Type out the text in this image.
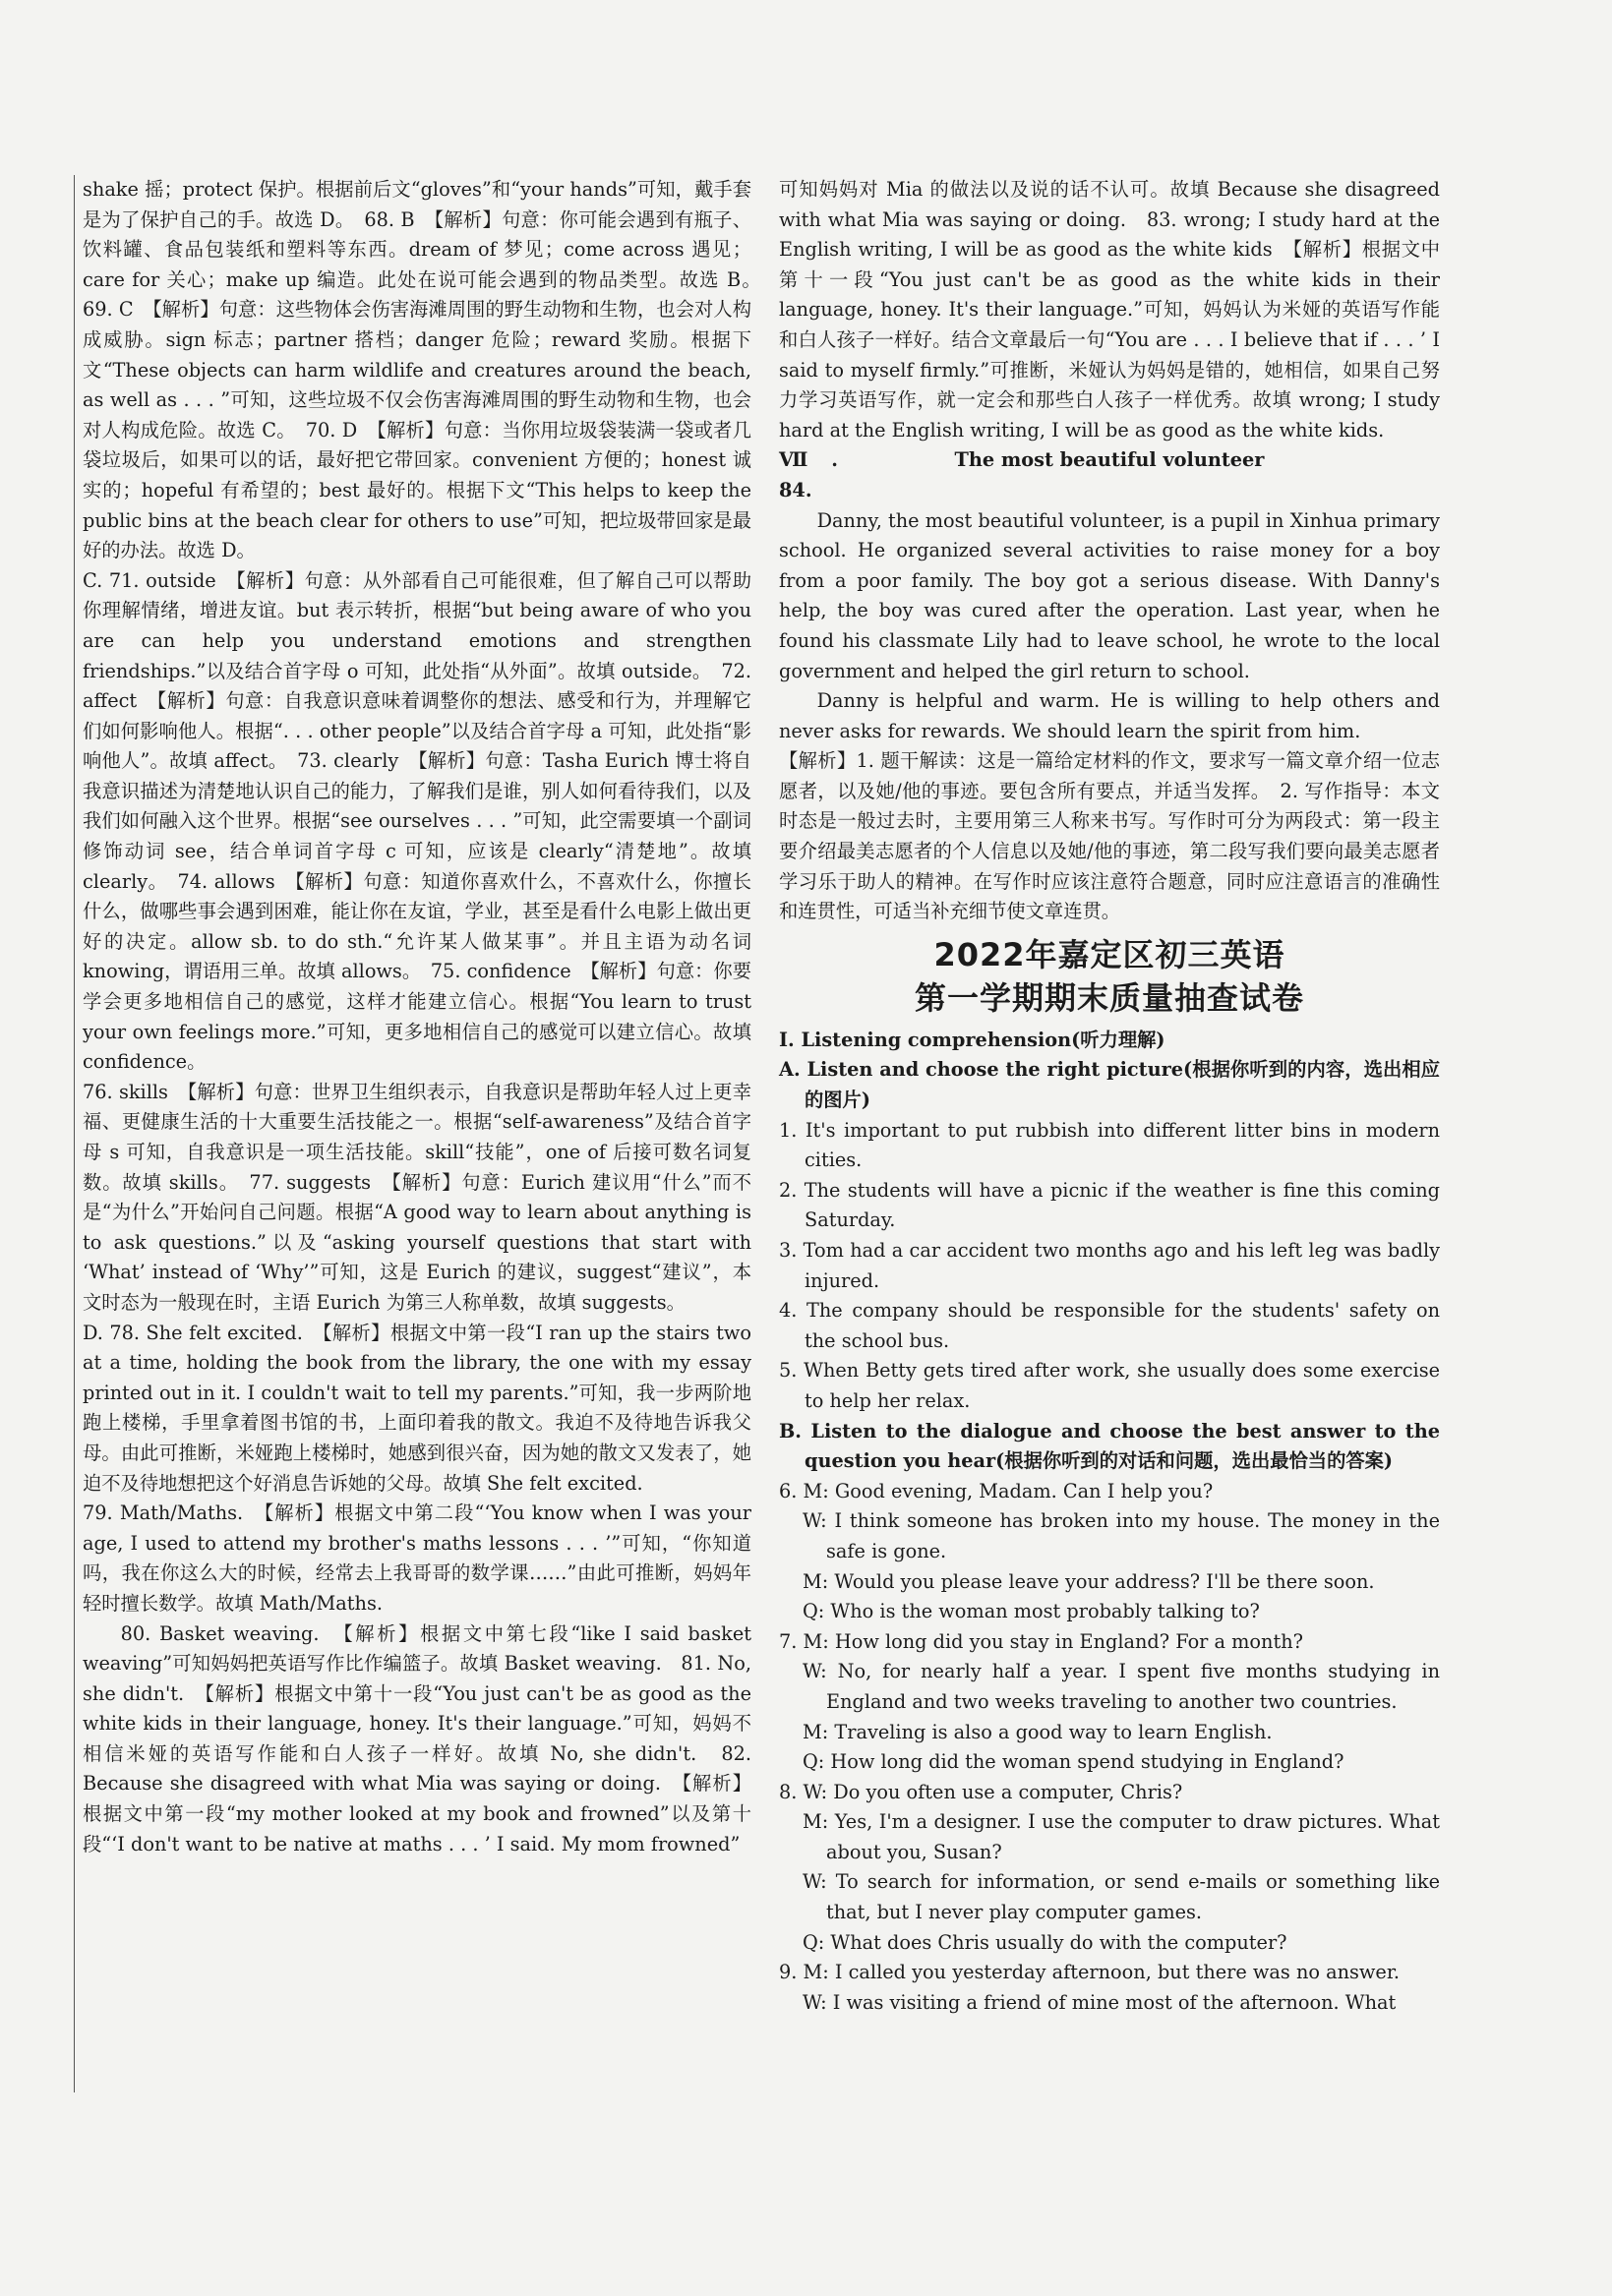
shake 摇；protect 保护。根据前后文“gloves”和“your hands”可知，戴手套是为了保护自己的手。故选 D。　68. B　【解析】句意：你可能会遇到有瓶子、饮料罐、食品包装纸和塑料等东西。dream of 梦见；come across 遇见；care for 关心；make up 编造。此处在说可能会遇到的物品类型。故选 B。　69. C　【解析】句意：这些物体会伤害海滩周围的野生动物和生物，也会对人构成威胁。sign 标志；partner 搭档；danger 危险；reward 奖励。根据下文“These objects can harm wildlife and creatures around the beach, as well as . . . ”可知，这些垃圾不仅会伤害海滩周围的野生动物和生物，也会对人构成危险。故选 C。　70. D　【解析】句意：当你用垃圾袋装满一袋或者几袋垃圾后，如果可以的话，最好把它带回家。convenient 方便的；honest 诚实的；hopeful 有希望的；best 最好的。根据下文“This helps to keep the public bins at the beach clear for others to use”可知，把垃圾带回家是最好的办法。故选 D。

C. 71. outside　【解析】句意：从外部看自己可能很难，但了解自己可以帮助你理解情绪，增进友谊。but 表示转折，根据“but being aware of who you are can help you understand emotions and strengthen friendships.”以及结合首字母 o 可知，此处指“从外面”。故填 outside。　72. affect　【解析】句意：自我意识意味着调整你的想法、感受和行为，并理解它们如何影响他人。根据“. . . other people”以及结合首字母 a 可知，此处指“影响他人”。故填 affect。　73. clearly　【解析】句意：Tasha Eurich 博士将自我意识描述为清楚地认识自己的能力，了解我们是谁，别人如何看待我们，以及我们如何融入这个世界。根据“see ourselves . . . ”可知，此空需要填一个副词修饰动词 see，结合单词首字母 c 可知，应该是 clearly“清楚地”。故填 clearly。　74. allows　【解析】句意：知道你喜欢什么，不喜欢什么，你擅长什么，做哪些事会遇到困难，能让你在友谊，学业，甚至是看什么电影上做出更好的决定。allow sb. to do sth.“允许某人做某事”。并且主语为动名词 knowing，谓语用三单。故填 allows。　75. confidence　【解析】句意：你要学会更多地相信自己的感觉，这样才能建立信心。根据“You learn to trust your own feelings more.”可知，更多地相信自己的感觉可以建立信心。故填 confidence。

76. skills　【解析】句意：世界卫生组织表示，自我意识是帮助年轻人过上更幸福、更健康生活的十大重要生活技能之一。根据“self-awareness”及结合首字母 s 可知，自我意识是一项生活技能。skill“技能”，one of 后接可数名词复数。故填 skills。　77. suggests　【解析】句意：Eurich 建议用“什么”而不是“为什么”开始问自己问题。根据“A good way to learn about anything is to ask questions.”以及“asking yourself questions that start with ‘What’ instead of ‘Why’”可知，这是 Eurich 的建议，suggest“建议”，本文时态为一般现在时，主语 Eurich 为第三人称单数，故填 suggests。

D. 78. She felt excited.　【解析】根据文中第一段“I ran up the stairs two at a time, holding the book from the library, the one with my essay printed out in it. I couldn't wait to tell my parents.”可知，我一步两阶地跑上楼梯，手里拿着图书馆的书，上面印着我的散文。我迫不及待地告诉我父母。由此可推断，米娅跑上楼梯时，她感到很兴奋，因为她的散文又发表了，她迫不及待地想把这个好消息告诉她的父母。故填 She felt excited.

79. Math/Maths.　【解析】根据文中第二段“‘You know when I was your age, I used to attend my brother's maths lessons . . . ’”可知，“你知道吗，我在你这么大的时候，经常去上我哥哥的数学课……”由此可推断，妈妈年轻时擅长数学。故填 Math/Maths.

80. Basket weaving.　【解析】根据文中第七段“like I said basket weaving”可知妈妈把英语写作比作编篮子。故填 Basket weaving.　81. No, she didn't.　【解析】根据文中第十一段“You just can't be as good as the white kids in their language, honey. It's their language.”可知，妈妈不相信米娅的英语写作能和白人孩子一样好。故填 No, she didn't.　82. Because she disagreed with what Mia was saying or doing.　【解析】根据文中第一段“my mother looked at my book and frowned”以及第十段“‘I don't want to be native at maths . . . ’ I said. My mom frowned”

可知妈妈对 Mia 的做法以及说的话不认可。故填 Because she disagreed with what Mia was saying or doing.　83. wrong; I study hard at the English writing, I will be as good as the white kids　【解析】根据文中第十一段“You just can't be as good as the white kids in their language, honey. It's their language.”可知，妈妈认为米娅的英语写作能和白人孩子一样好。结合文章最后一句“You are . . . I believe that if . . . ’ I said to myself firmly.”可推断，米娅认为妈妈是错的，她相信，如果自己努力学习英语写作，就一定会和那些白人孩子一样优秀。故填 wrong; I study hard at the English writing, I will be as good as the white kids.

Ⅶ. 84.
The most beautiful volunteer

Danny, the most beautiful volunteer, is a pupil in Xinhua primary school. He organized several activities to raise money for a boy from a poor family. The boy got a serious disease. With Danny's help, the boy was cured after the operation. Last year, when he found his classmate Lily had to leave school, he wrote to the local government and helped the girl return to school.

Danny is helpful and warm. He is willing to help others and never asks for rewards. We should learn the spirit from him.

【解析】1. 题干解读：这是一篇给定材料的作文，要求写一篇文章介绍一位志愿者，以及她/他的事迹。要包含所有要点，并适当发挥。　2. 写作指导：本文时态是一般过去时，主要用第三人称来书写。写作时可分为两段式：第一段主要介绍最美志愿者的个人信息以及她/他的事迹，第二段写我们要向最美志愿者学习乐于助人的精神。在写作时应该注意符合题意，同时应注意语言的准确性和连贯性，可适当补充细节使文章连贯。

2022年嘉定区初三英语
第一学期期末质量抽查试卷

Ⅰ. Listening comprehension(听力理解)

A. Listen and choose the right picture(根据你听到的内容，选出相应的图片)

1. It's important to put rubbish into different litter bins in modern cities.

2. The students will have a picnic if the weather is fine this coming Saturday.

3. Tom had a car accident two months ago and his left leg was badly injured.

4. The company should be responsible for the students' safety on the school bus.

5. When Betty gets tired after work, she usually does some exercise to help her relax.

B. Listen to the dialogue and choose the best answer to the question you hear(根据你听到的对话和问题，选出最恰当的答案)

6. M: Good evening, Madam. Can I help you?

W: I think someone has broken into my house. The money in the safe is gone.

M: Would you please leave your address? I'll be there soon.

Q: Who is the woman most probably talking to?

7. M: How long did you stay in England? For a month?

W: No, for nearly half a year. I spent five months studying in England and two weeks traveling to another two countries.

M: Traveling is also a good way to learn English.

Q: How long did the woman spend studying in England?

8. W: Do you often use a computer, Chris?

M: Yes, I'm a designer. I use the computer to draw pictures. What about you, Susan?

W: To search for information, or send e-mails or something like that, but I never play computer games.

Q: What does Chris usually do with the computer?

9. M: I called you yesterday afternoon, but there was no answer.

W: I was visiting a friend of mine most of the afternoon. What
